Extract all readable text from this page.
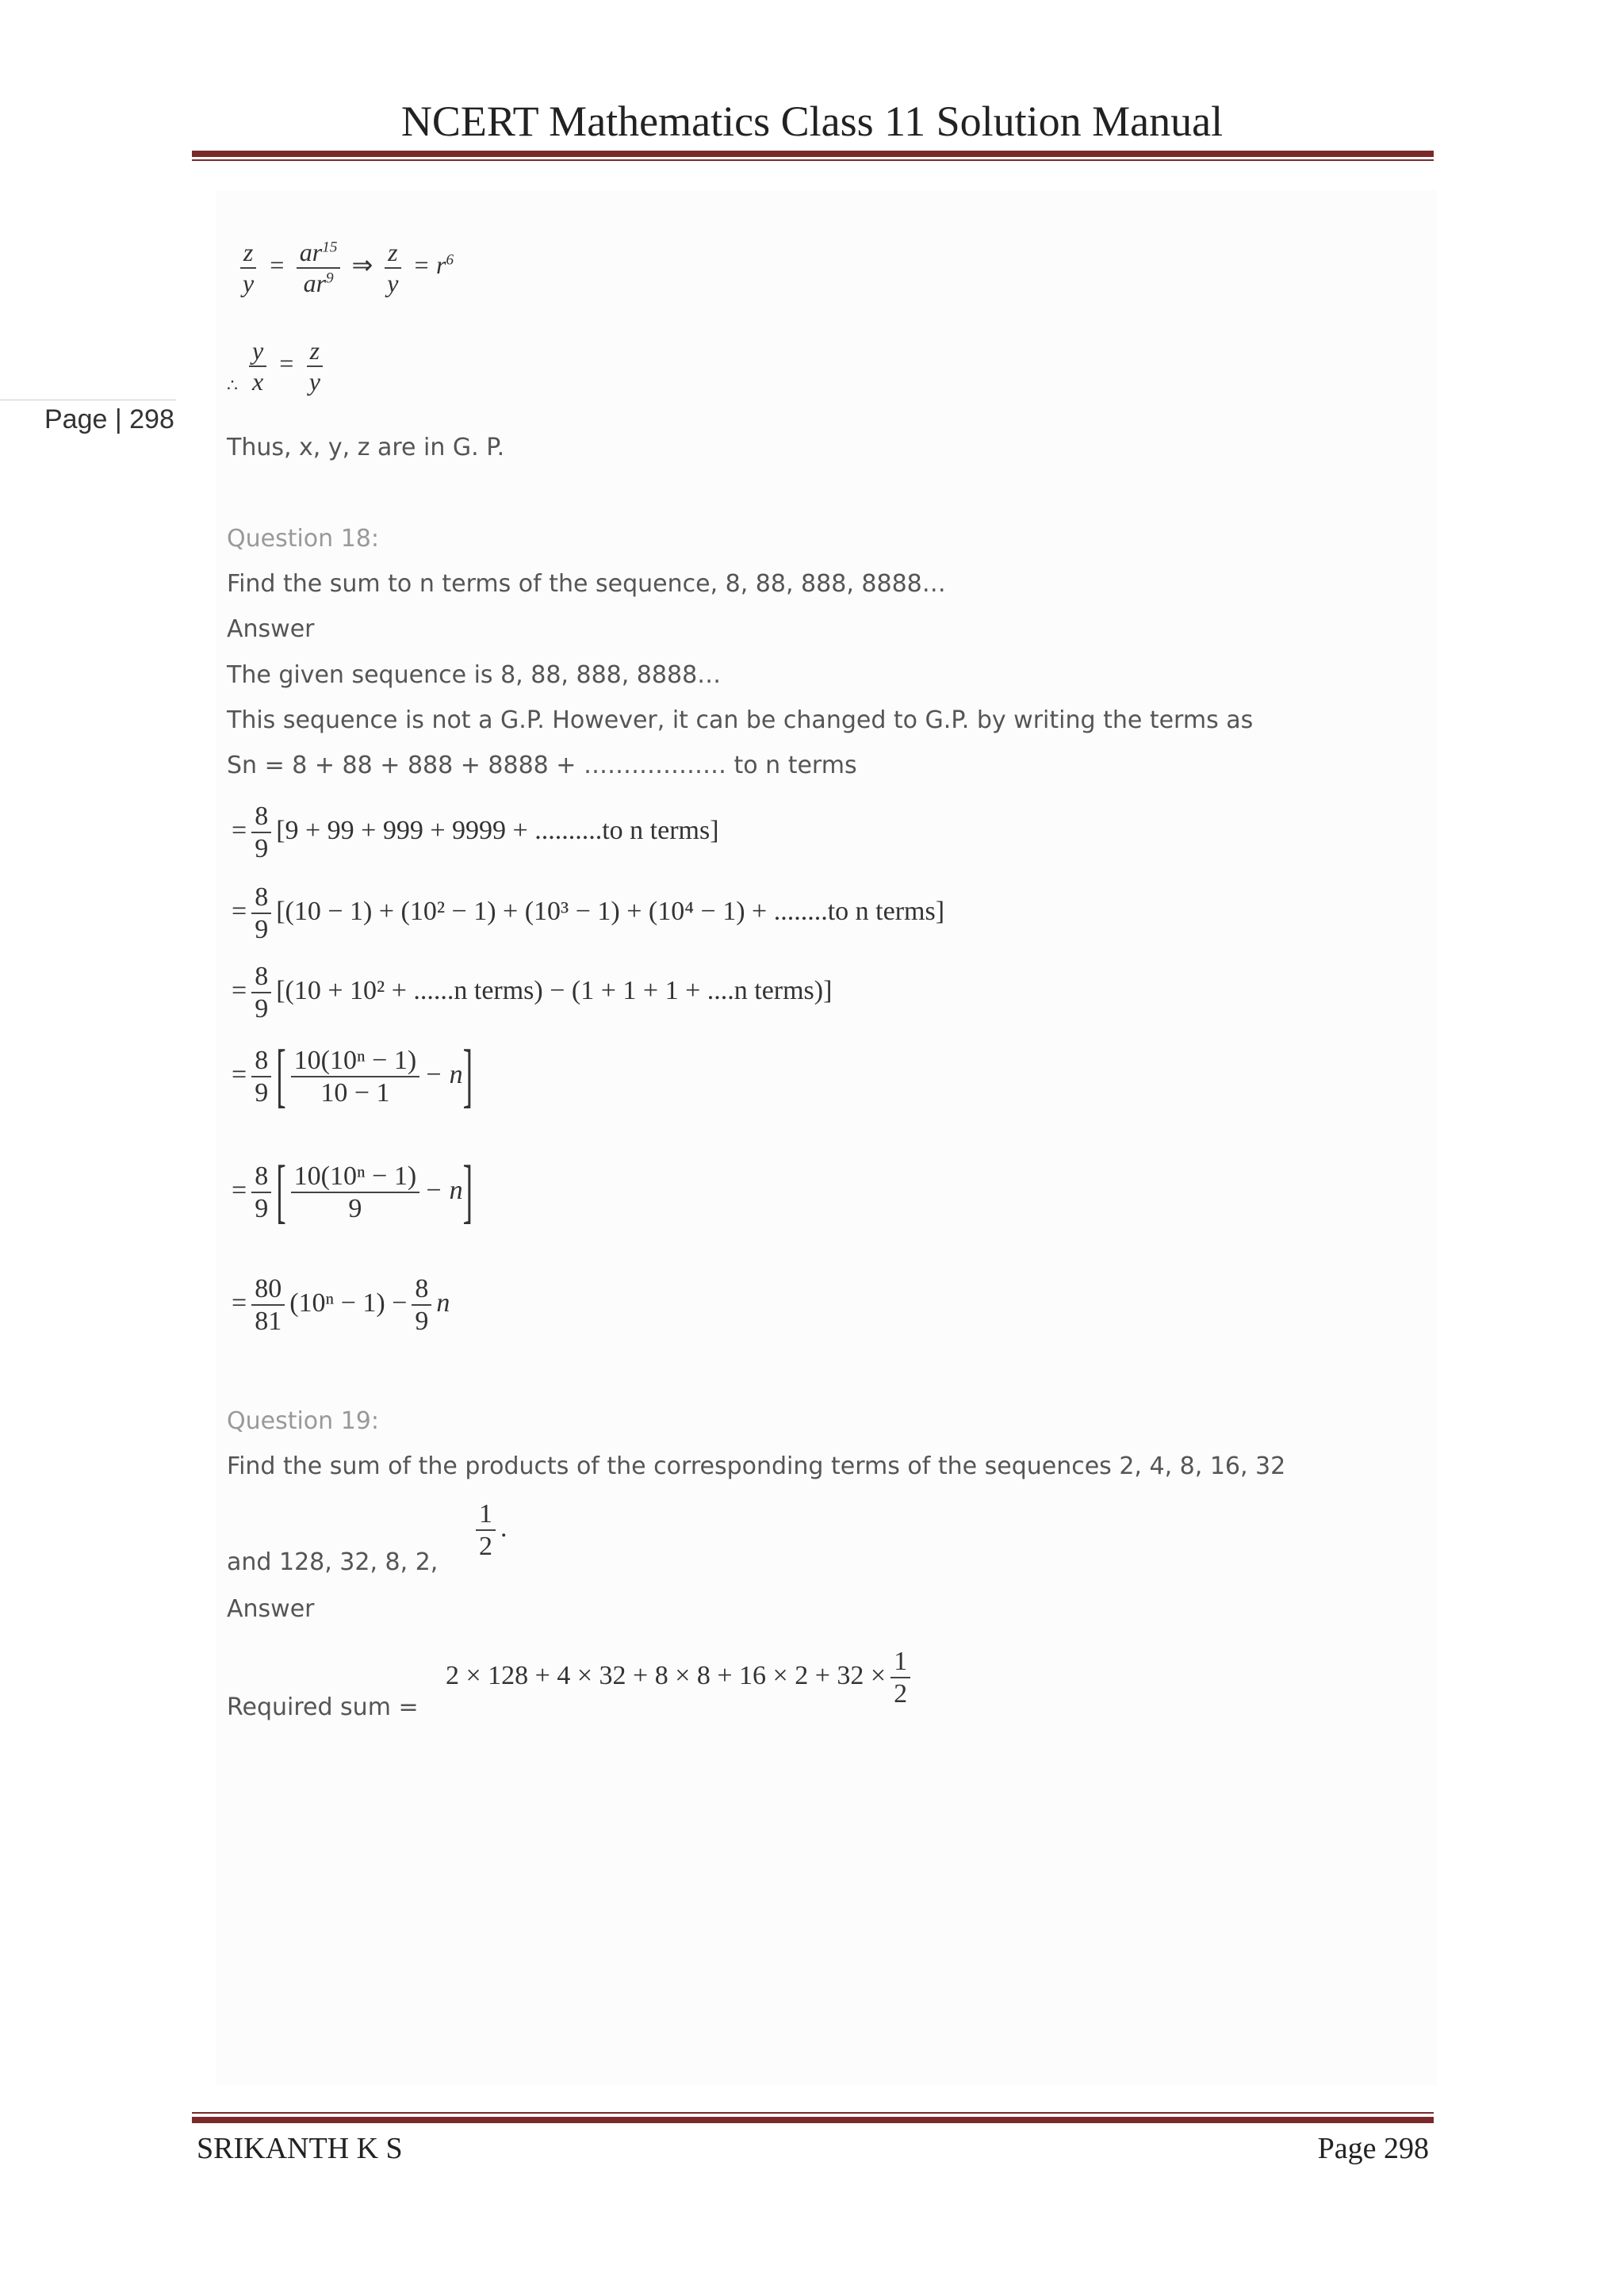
NCERT Mathematics Class 11 Solution Manual
Page | 298
$\frac{z}{y} = \frac{ar^{15}}{ar^9}$ ⇒ $\frac{z}{y} = r^6$
∴ $\frac{y}{x} = \frac{z}{y}$
Thus, x, y, z are in G. P.
Question 18:
Find the sum to n terms of the sequence, 8, 88, 888, 8888…
Answer
The given sequence is 8, 88, 888, 8888…
This sequence is not a G.P. However, it can be changed to G.P. by writing the terms as
Sn = 8 + 88 + 888 + 8888 + ……………… to n terms
= $\frac{8}{9} [9 + 99 + 999 + 9999 + ..........to$ n terms]
= $\frac{8}{9} [(10 - 1) + (10^2 - 1) + (10^3 - 1) + (10^4 - 1) + ........to$ n terms]
= $\frac{8}{9} [(10 + 10^2 + ......n$ terms) − (1 + 1 + 1 + ....n terms)]
= $\frac{8}{9}$ [ $\frac{\text{10(10ⁿ − 1)}}{10 - 1} - n$]
= $\frac{8}{9}$ [ $\frac{\text{10(10ⁿ − 1)}}{9} - n$]
= $\frac{80}{81} (10^n - 1) - \frac{8}{9}$ n
Question 19:
Find the sum of the products of the corresponding terms of the sequences 2, 4, 8, 16, 32
and 128, 32, 8, 2,
$\frac{1}{2}$ .
Answer
Required sum =
$2 \times 128 + 4 \times 32 + 8 \times 8 + 16 \times 2 + 32 \times \frac{1}{2}$
SRIKANTH K S	Page 298
